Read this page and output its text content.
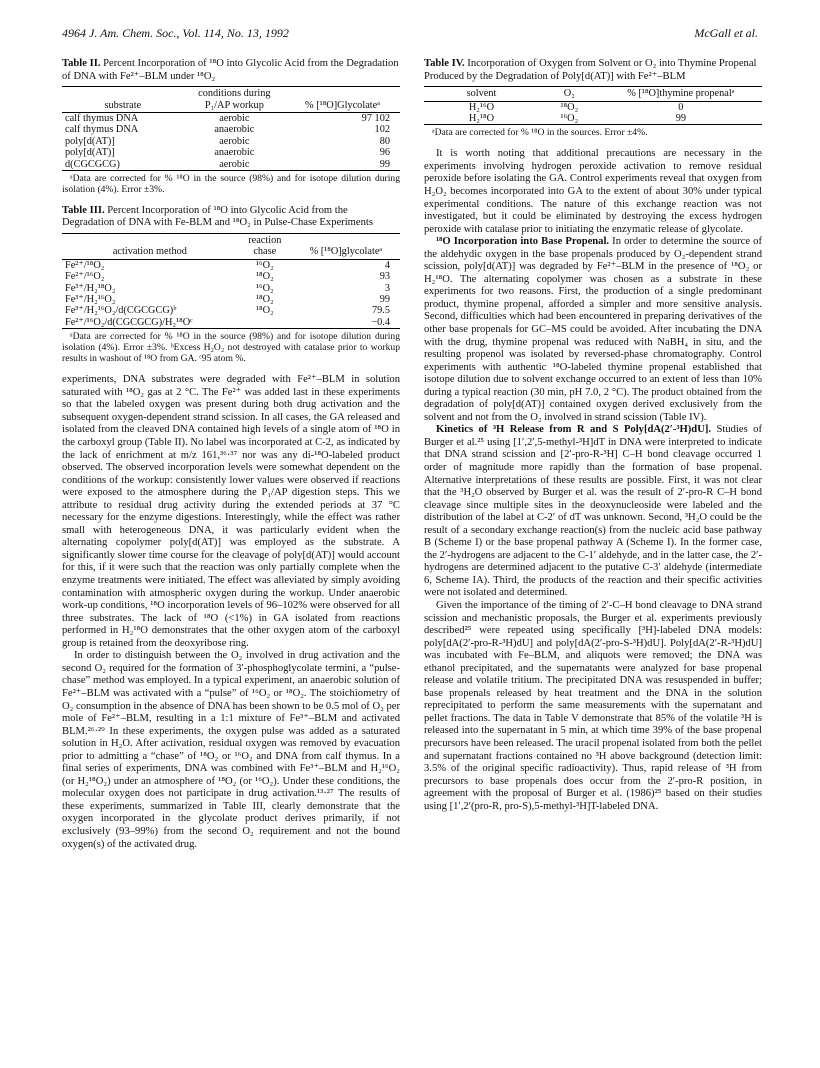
4964 J. Am. Chem. Soc., Vol. 114, No. 13, 1992	McGall et al.
Table II. Percent Incorporation of ¹⁸O into Glycolic Acid from the Degradation of DNA with Fe²⁺–BLM under ¹⁸O₂
substrate	conditions during P₁/AP workup	% [¹⁸O]Glycolateᵃ
calf thymus DNA	aerobic	97 102
calf thymus DNA	anaerobic	102
poly[d(AT)]	aerobic	80
poly[d(AT)]	anaerobic	96
d(CGCGCG)	aerobic	99
ᵃData are corrected for % ¹⁸O in the source (98%) and for isotope dilution during isolation (4%). Error ±3%.
Table III. Percent Incorporation of ¹⁸O into Glycolic Acid from the Degradation of DNA with Fe-BLM and ¹⁸O₂ in Pulse-Chase Experiments
activation method	reaction chase	% [¹⁸O]glycolateᵃ
Fe²⁺/¹⁸O₂	¹⁶O₂	4
Fe²⁺/¹⁶O₂	¹⁸O₂	93
Fe³⁺/H₂¹⁸O₂	¹⁶O₂	3
Fe³⁺/H₂¹⁶O₂	¹⁸O₂	99
Fe³⁺/H₂¹⁶O₂/d(CGCGCG)ᵇ	¹⁸O₂	79.5
Fe²⁺/¹⁶O₂/d(CGCGCG)/H₂¹⁸Oᶜ		−0.4
ᵃData are corrected for % ¹⁸O in the source (98%) and for isotope dilution during isolation (4%). Error ±3%. ᵇExcess H₂O₂ not destroyed with catalase prior to workup results in washout of ¹⁸O from GA. ᶜ95 atom %.

experiments, DNA substrates were degraded with Fe²⁺–BLM in solution saturated with ¹⁸O₂ gas at 2 °C. The Fe²⁺ was added last in these experiments so that the labeled oxygen was present during both drug activation and the subsequent oxygen-dependent strand scission. In all cases, the GA released and isolated from the cleaved DNA contained high levels of a single atom of ¹⁸O in the carboxyl group (Table II). No label was incorporated at C-2, as indicated by the lack of enrichment at m/z 161,³⁶·³⁷ nor was any di-¹⁸O-labeled product observed. The observed incorporation levels were somewhat dependent on the conditions of the workup: consistently lower values were observed if reactions were exposed to the atmosphere during the P₁/AP digestion steps. This we attribute to residual drug activity during the extended periods at 37 °C necessary for the enzyme digestions. Interestingly, while the effect was rather small with heterogeneous DNA, it was particularly evident when the alternating copolymer poly[d(AT)] was employed as the substrate. A significantly slower time course for the cleavage of poly[d(AT)] would account for this, if it were such that the reaction was only partially complete when the enzyme treatments were initiated. The effect was alleviated by simply avoiding contamination with atmospheric oxygen during the workup. Under anaerobic work-up conditions, ¹⁸O incorporation levels of 96–102% were observed for all three substrates. The lack of ¹⁸O (<1%) in GA isolated from reactions performed in H₂¹⁸O demonstrates that the other oxygen atom of the carboxyl group is retained from the deoxyribose ring.

In order to distinguish between the O₂ involved in drug activation and the second O₂ required for the formation of 3′-phosphoglycolate termini, a “pulse-chase” method was employed. In a typical experiment, an anaerobic solution of Fe²⁺–BLM was activated with a “pulse” of ¹⁶O₂ or ¹⁸O₂. The stoichiometry of O₂ consumption in the absence of DNA has been shown to be 0.5 mol of O₂ per mole of Fe²⁺–BLM, resulting in a 1:1 mixture of Fe³⁺–BLM and activated BLM.²⁶·²⁹ In these experiments, the oxygen pulse was added as a saturated solution in H₂O. After activation, residual oxygen was removed by evacuation prior to admitting a “chase” of ¹⁸O₂ or ¹⁶O₂ and DNA from calf thymus. In a final series of experiments, DNA was combined with Fe³⁺–BLM and H₂¹⁶O₂ (or H₂¹⁸O₂) under an atmosphere of ¹⁸O₂ (or ¹⁶O₂). Under these conditions, the molecular oxygen does not participate in drug activation.¹³·²⁷ The results of these experiments, summarized in Table III, clearly demonstrate that the oxygen incorporated in the glycolate product derives primarily, if not exclusively (93–99%) from the second O₂ requirement and not the bound oxygen(s) of the activated drug.

Table IV. Incorporation of Oxygen from Solvent or O₂ into Thymine Propenal Produced by the Degradation of Poly[d(AT)] with Fe²⁺–BLM
solvent	O₂	% [¹⁸O]thymine propenalᵃ
H₂¹⁶O	¹⁸O₂	0
H₂¹⁸O	¹⁶O₂	99
ᵃData are corrected for % ¹⁸O in the sources. Error ±4%.

It is worth noting that additional precautions are necessary in the experiments involving hydrogen peroxide activation to remove residual peroxide before isolating the GA. Control experiments reveal that oxygen from H₂O₂ becomes incorporated into GA to the extent of about 30% under typical experimental conditions. The nature of this exchange reaction was not investigated, but it could be eliminated by destroying the excess hydrogen peroxide with catalase prior to initiating the enzymatic release of glycolate.

¹⁸O Incorporation into Base Propenal. In order to determine the source of the aldehydic oxygen in the base propenals produced by O₂-dependent strand scission, poly[d(AT)] was degraded by Fe²⁺–BLM in the presence of ¹⁸O₂ or H₂¹⁸O. The alternating copolymer was chosen as a substrate in these experiments for two reasons. First, the production of a single predominant product, thymine propenal, afforded a simpler and more sensitive analysis. Second, difficulties which had been encountered in preparing derivatives of the other base propenals for GC–MS could be avoided. After incubating the DNA with the drug, thymine propenal was reduced with NaBH₄ in situ, and the resulting propenol was isolated by reversed-phase chromatography. Control experiments with authentic ¹⁸O-labeled thymine propenal established that isotope dilution due to solvent exchange occurred to an extent of less than 10% during a typical reaction (30 min, pH 7.0, 2 °C). The product obtained from the degradation of poly[d(AT)] contained oxygen derived exclusively from the solvent and not from the O₂ involved in strand scission (Table IV).

Kinetics of ³H Release from R and S Poly[dA(2′-³H)dU]. Studies of Burger et al.²⁵ using [1′,2′,5-methyl-³H]dT in DNA were interpreted to indicate that DNA strand scission and [2′-pro-R-³H] C–H bond cleavage occurred 1 order of magnitude more rapidly than the formation of base propenal. Alternative interpretations of these results are possible. First, it was not clear that the ³H₂O observed by Burger et al. was the result of 2′-pro-R C–H bond cleavage since multiple sites in the deoxynucleoside were labeled and the distribution of the label at C-2′ of dT was unknown. Second, ³H₂O could be the result of a secondary exchange reaction(s) from the nucleic acid base pathway B (Scheme I) or the base propenal pathway A (Scheme I). In the former case, the 2′-hydrogens are adjacent to the C-1′ aldehyde, and in the latter case, the 2′-hydrogens are determined adjacent to the putative C-3′ aldehyde (intermediate 6, Scheme IA). Third, the products of the reaction and their specific activities were not isolated and determined.

Given the importance of the timing of 2′-C–H bond cleavage to DNA strand scission and mechanistic proposals, the Burger et al. experiments previously described²⁵ were repeated using specifically [³H]-labeled DNA models: poly[dA(2′-pro-R-³H)dU] and poly[dA(2′-pro-S-³H)dU]. Poly[dA(2′-R-³H)dU] was incubated with Fe–BLM, and aliquots were removed; the DNA was ethanol precipitated, and the supernatants were analyzed for base propenal release and volatile tritium. The precipitated DNA was resuspended in buffer; base propenals released by heat treatment and the DNA in the solution reprecipitated to perform the same measurements with the supernatant and pellet fractions. The data in Table V demonstrate that 85% of the volatile ³H is released into the supernatant in 5 min, at which time 39% of the base propenal precursors have been released. The uracil propenal isolated from both the pellet and supernatant fractions contained no ³H above background (detection limit: 3.5% of the original specific radioactivity). Thus, rapid release of ³H from precursors to base propenals does occur from the 2′-pro-R position, in agreement with the proposal of Burger et al. (1986)²⁵ based on their studies using [1′,2′(pro-R, pro-S),5-methyl-³H]T-labeled DNA.
